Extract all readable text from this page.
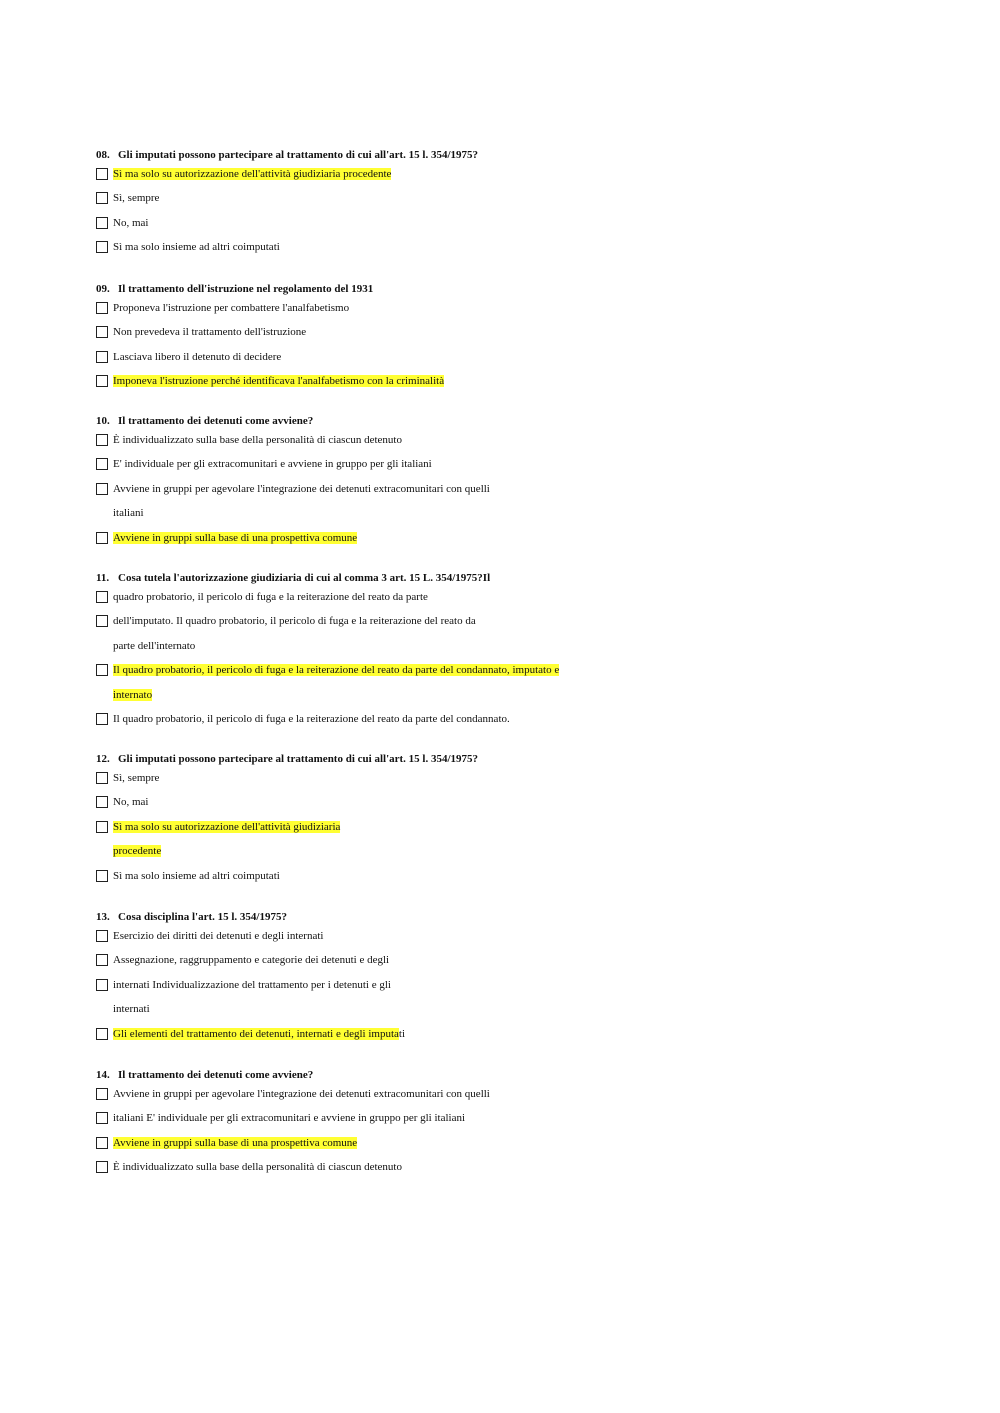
08. Gli imputati possono partecipare al trattamento di cui all'art. 15 l. 354/1975?
Sì ma solo su autorizzazione dell'attività giudiziaria procedente
Sì, sempre
No, mai
Sì ma solo insieme ad altri coimputati
09. Il trattamento dell'istruzione nel regolamento del 1931
Proponeva l'istruzione per combattere l'analfabetismo
Non prevedeva il trattamento dell'istruzione
Lasciava libero il detenuto di decidere
Imponeva l'istruzione perché identificava l'analfabetismo con la criminalità
10. Il trattamento dei detenuti come avviene?
È individualizzato sulla base della personalità di ciascun detenuto
E' individuale per gli extracomunitari e avviene in gruppo per gli italiani
Avviene in gruppi per agevolare l'integrazione dei detenuti extracomunitari con quelli
italiani
Avviene in gruppi sulla base di una prospettiva comune
11. Cosa tutela l'autorizzazione giudiziaria di cui al comma 3 art. 15 L. 354/1975?Il
quadro probatorio, il pericolo di fuga e la reiterazione del reato da parte
dell'imputato. Il quadro probatorio, il pericolo di fuga e la reiterazione del reato da
parte dell'internato
Il quadro probatorio, il pericolo di fuga e la reiterazione del reato da parte del condannato, imputato e
internato
Il quadro probatorio, il pericolo di fuga e la reiterazione del reato da parte del condannato.
12. Gli imputati possono partecipare al trattamento di cui all'art. 15 l. 354/1975?
Sì, sempre
No, mai
Sì ma solo su autorizzazione dell'attività giudiziaria
procedente
Sì ma solo insieme ad altri coimputati
13. Cosa disciplina l'art. 15 l. 354/1975?
Esercizio dei diritti dei detenuti e degli internati
Assegnazione, raggruppamento e categorie dei detenuti e degli
internati Individualizzazione del trattamento per i detenuti e gli
internati
Gli elementi del trattamento dei detenuti, internati e degli imputati
14. Il trattamento dei detenuti come avviene?
Avviene in gruppi per agevolare l'integrazione dei detenuti extracomunitari con quelli
italiani E' individuale per gli extracomunitari e avviene in gruppo per gli italiani
Avviene in gruppi sulla base di una prospettiva comune
È individualizzato sulla base della personalità di ciascun detenuto
